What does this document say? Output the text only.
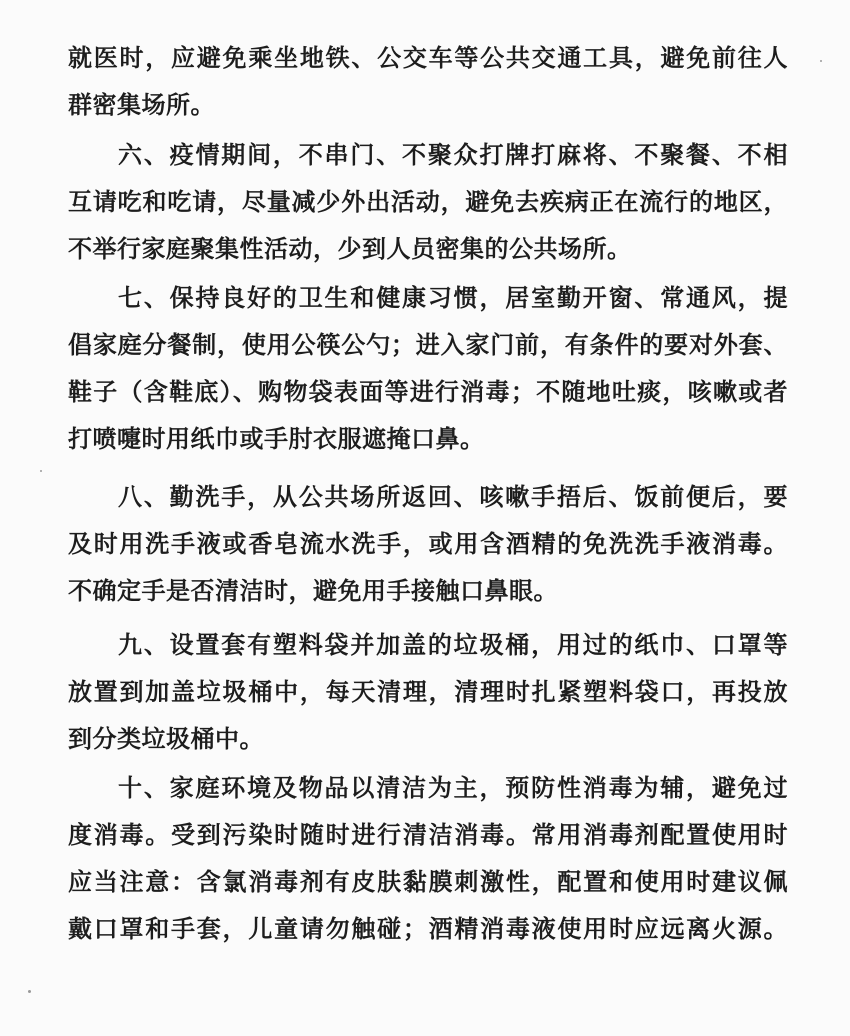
就医时，应避免乘坐地铁、公交车等公共交通工具，避免前往人
群密集场所。
六、疫情期间，不串门、不聚众打牌打麻将、不聚餐、不相
互请吃和吃请，尽量减少外出活动，避免去疾病正在流行的地区，
不举行家庭聚集性活动，少到人员密集的公共场所。
七、保持良好的卫生和健康习惯，居室勤开窗、常通风，提
倡家庭分餐制，使用公筷公勺；进入家门前，有条件的要对外套、
鞋子（含鞋底）、购物袋表面等进行消毒；不随地吐痰，咳嗽或者
打喷嚏时用纸巾或手肘衣服遮掩口鼻。
八、勤洗手，从公共场所返回、咳嗽手捂后、饭前便后，要
及时用洗手液或香皂流水洗手，或用含酒精的免洗洗手液消毒。
不确定手是否清洁时，避免用手接触口鼻眼。
九、设置套有塑料袋并加盖的垃圾桶，用过的纸巾、口罩等
放置到加盖垃圾桶中，每天清理，清理时扎紧塑料袋口，再投放
到分类垃圾桶中。
十、家庭环境及物品以清洁为主，预防性消毒为辅，避免过
度消毒。受到污染时随时进行清洁消毒。常用消毒剂配置使用时
应当注意：含氯消毒剂有皮肤黏膜刺激性，配置和使用时建议佩
戴口罩和手套，儿童请勿触碰；酒精消毒液使用时应远离火源。
